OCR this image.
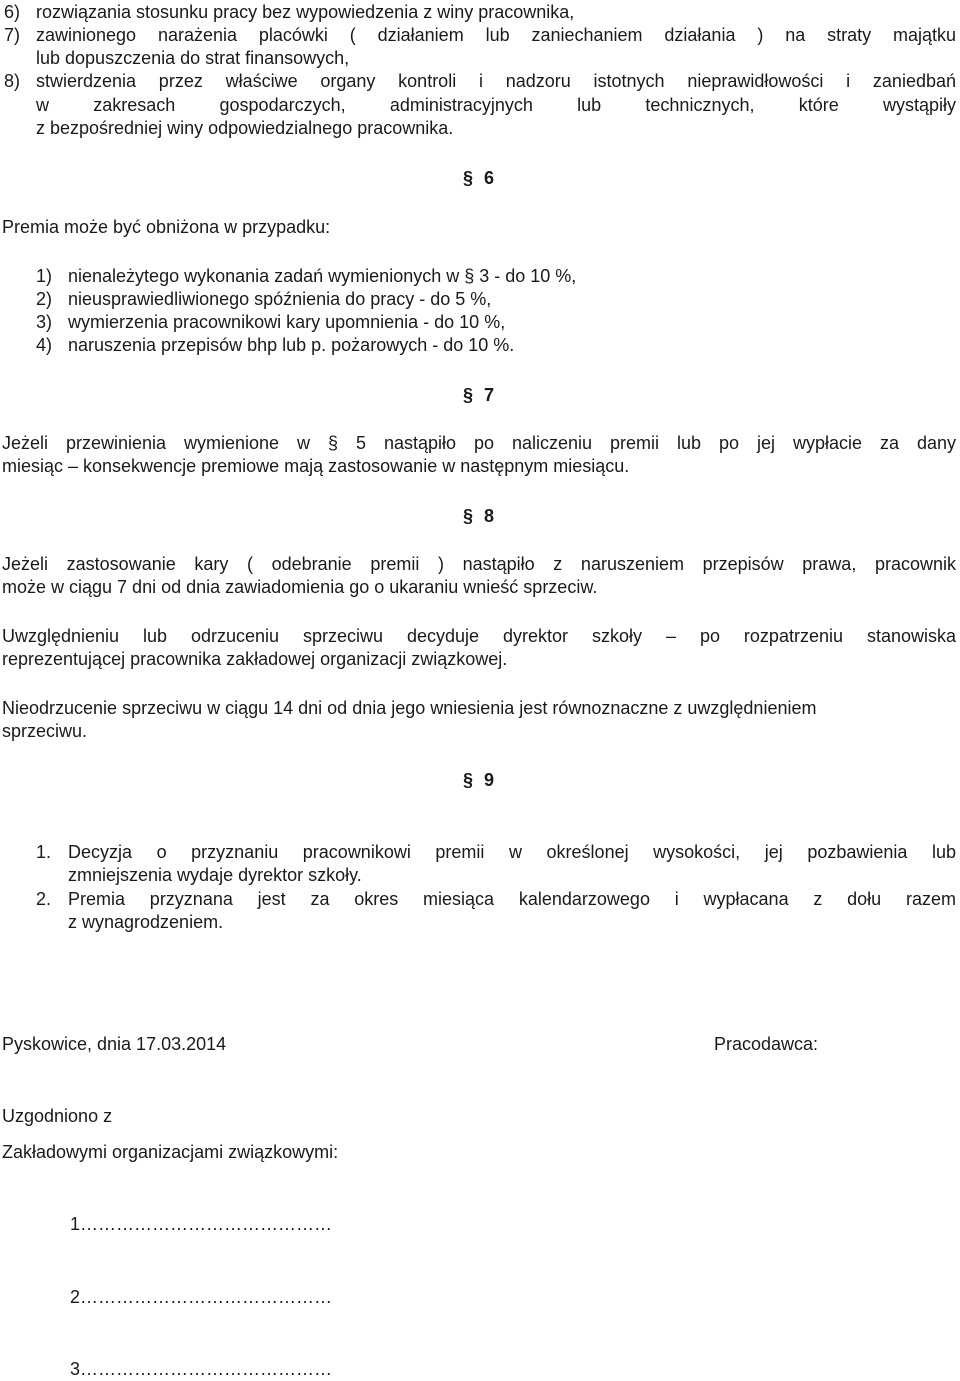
6) rozwiązania stosunku pracy bez wypowiedzenia z winy pracownika,
7) zawinionego narażenia placówki ( działaniem lub zaniechaniem działania ) na straty majątku
lub dopuszczenia do strat finansowych,
8) stwierdzenia przez właściwe organy kontroli i nadzoru istotnych nieprawidłowości i zaniedbań
w zakresach gospodarczych, administracyjnych lub technicznych, które wystąpiły
z bezpośredniej winy odpowiedzialnego pracownika.
§ 6
Premia może być obniżona w przypadku:
1) nienależytego wykonania zadań wymienionych w § 3 - do 10 %,
2) nieusprawiedliwionego spóźnienia do pracy - do 5 %,
3) wymierzenia pracownikowi kary upomnienia - do 10 %,
4) naruszenia przepisów bhp lub p. pożarowych - do 10 %.
§ 7
Jeżeli przewinienia wymienione w § 5 nastąpiło po naliczeniu premii lub po jej wypłacie za dany
miesiąc – konsekwencje premiowe mają zastosowanie w następnym miesiącu.
§ 8
Jeżeli zastosowanie kary ( odebranie premii ) nastąpiło z naruszeniem przepisów prawa, pracownik
może w ciągu 7 dni od dnia zawiadomienia go o ukaraniu wnieść sprzeciw.
Uwzględnieniu lub odrzuceniu sprzeciwu decyduje dyrektor szkoły – po rozpatrzeniu stanowiska
reprezentującej pracownika zakładowej organizacji związkowej.
Nieodrzucenie sprzeciwu w ciągu 14 dni od dnia jego wniesienia jest równoznaczne z uwzględnieniem
sprzeciwu.
§ 9
1. Decyzja o przyznaniu pracownikowi premii w określonej wysokości, jej pozbawienia lub
zmniejszenia wydaje dyrektor szkoły.
2. Premia przyznana jest za okres miesiąca kalendarzowego i wypłacana z dołu razem
z wynagrodzeniem.
Pyskowice, dnia 17.03.2014	Pracodawca:
Uzgodniono z
Zakładowymi organizacjami związkowymi:
1……………………………………
2……………………………………
3……………………………………
